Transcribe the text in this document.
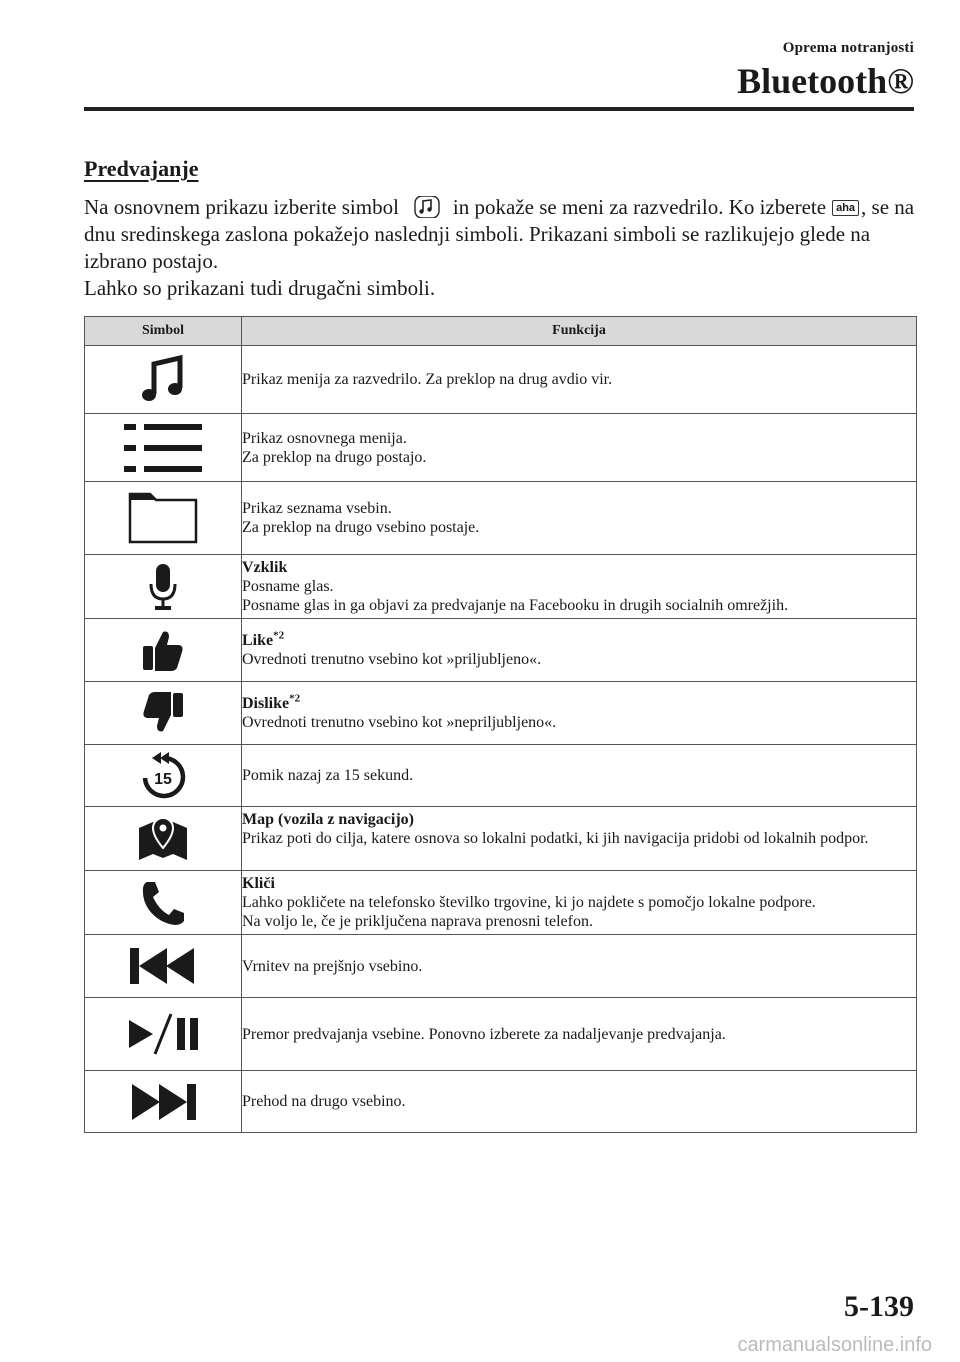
Oprema notranjosti
Bluetooth®
Predvajanje

Na osnovnem prikazu izberite simbol	in pokaže se meni za razvedrilo. Ko izberete aha , se na dnu sredinskega zaslona pokažejo naslednji simboli. Prikazani simboli se razlikujejo glede na izbrano postajo.
Lahko so prikazani tudi drugačni simboli.

Simbol	Funkcija

Prikaz menija za razvedrilo. Za preklop na drug avdio vir.

Prikaz osnovnega menija.
Za preklop na drugo postajo.

Prikaz seznama vsebin.
Za preklop na drugo vsebino postaje.

Vzklik
Posname glas.
Posname glas in ga objavi za predvajanje na Facebooku in drugih socialnih omrežjih.

Like$^{*2}$
Ovrednoti trenutno vsebino kot »priljubljeno«.

Dislike$^{*2}$
Ovrednoti trenutno vsebino kot »nepriljubljeno«.

15	Pomik nazaj za 15 sekund.

Map (vozila z navigacijo)
Prikaz poti do cilja, katere osnova so lokalni podatki, ki jih navigacija pridobi od lokalnih podpor.

Kliči
Lahko pokličete na telefonsko številko trgovine, ki jo najdete s pomočjo lokalne podpore.
Na voljo le, če je priključena naprava prenosni telefon.

Vrnitev na prejšnjo vsebino.

Premor predvajanja vsebine. Ponovno izberete za nadaljevanje predvajanja.

Prehod na drugo vsebino.
5-139
carmanualsonline.info
